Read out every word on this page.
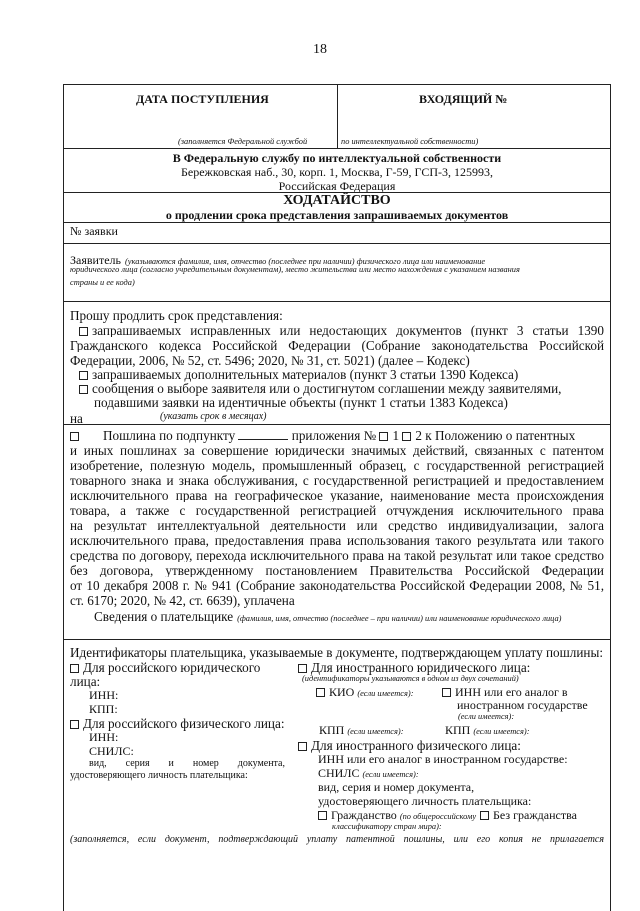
18
ДАТА ПОСТУПЛЕНИЯ	ВХОДЯЩИЙ №
(заполняется Федеральной службой	по интеллектуальной собственности)
В Федеральную службу по интеллектуальной собственности
Бережковская наб., 30, корп. 1, Москва, Г-59, ГСП-3, 125993,
Российская Федерация
ХОДАТАЙСТВО
о продлении срока представления запрашиваемых документов
№ заявки
Заявитель (указываются фамилия, имя, отчество (последнее при наличии) физического лица или наименование
юридического лица (согласно учредительным документам), место жительства или место нахождения с указанием названия
страны и ее кода)
Прошу продлить срок представления:
запрашиваемых исправленных или недостающих документов (пункт 3 статьи 1390
Гражданского кодекса Российской Федерации (Собрание законодательства Российской
Федерации, 2006, № 52, ст. 5496; 2020, № 31, ст. 5021) (далее – Кодекс)
запрашиваемых дополнительных материалов (пункт 3 статьи 1390 Кодекса)
сообщения о выборе заявителя или о достигнутом соглашении между заявителями,
подавшими заявки на идентичные объекты (пункт 1 статьи 1383 Кодекса)
на	(указать срок в месяцах)
Пошлина по подпункту	приложения № 1 2 к Положению о патентных
и иных пошлинах за совершение юридически значимых действий, связанных с патентом
изобретение, полезную модель, промышленный образец, с государственной регистрацией
товарного знака и знака обслуживания, с государственной регистрацией и предоставлением
исключительного права на географическое указание, наименование места происхождения
товара, а также с государственной регистрацией отчуждения исключительного права
на результат интеллектуальной деятельности или средство индивидуализации, залога
исключительного права, предоставления права использования такого результата или такого
средства по договору, перехода исключительного права на такой результат или такое средство
без договора, утвержденному постановлением Правительства Российской Федерации
от 10 декабря 2008 г. № 941 (Собрание законодательства Российской Федерации 2008, № 51,
ст. 6170; 2020, № 42, ст. 6639), уплачена
Сведения о плательщике (фамилия, имя, отчество (последнее – при наличии) или наименование юридического лица)
Идентификаторы плательщика, указываемые в документе, подтверждающем уплату пошлины:
Для российского юридического
лица:
ИНН:
КПП:
Для российского физического лица:
ИНН:
СНИЛС:
вид, серия и номер документа,
удостоверяющего личность плательщика:
Для иностранного юридического лица:
(идентификаторы указываются в одном из двух сочетаний)
КИО (если имеется):	ИНН или его аналог в
иностранном государстве
(если имеется):
КПП (если имеется):	КПП (если имеется):
Для иностранного физического лица:
ИНН или его аналог в иностранном государстве:
СНИЛС (если имеется):
вид, серия и номер документа,
удостоверяющего личность плательщика:
Гражданство (по общероссийскому	Без гражданства
классификатору стран мира):
(заполняется, если документ, подтверждающий уплату патентной пошлины, или его копия не прилагается
